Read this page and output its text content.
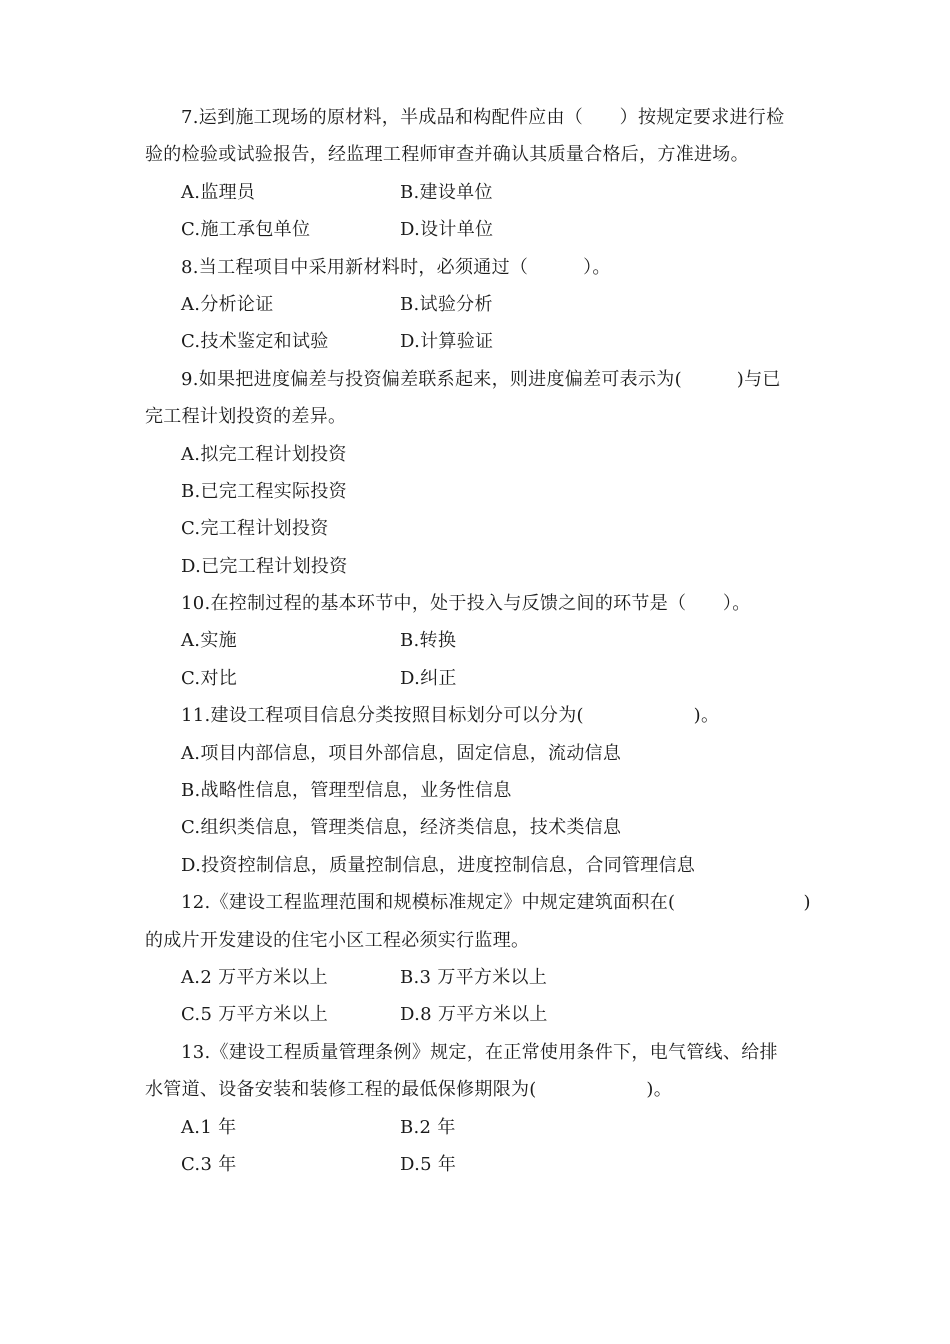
7.运到施工现场的原材料，半成品和构配件应由（　　）按规定要求进行检
验的检验或试验报告，经监理工程师审查并确认其质量合格后，方准进场。
A.监理员	B.建设单位
C.施工承包单位	D.设计单位
8.当工程项目中采用新材料时，必须通过（　　　）。
A.分析论证	B.试验分析
C.技术鉴定和试验	D.计算验证
9.如果把进度偏差与投资偏差联系起来，则进度偏差可表示为(　　　)与已
完工程计划投资的差异。
A.拟完工程计划投资
B.已完工程实际投资
C.完工程计划投资
D.已完工程计划投资
10.在控制过程的基本环节中，处于投入与反馈之间的环节是（　　）。
A.实施	B.转换
C.对比	D.纠正
11.建设工程项目信息分类按照目标划分可以分为(　　　　　　)。
A.项目内部信息，项目外部信息，固定信息，流动信息
B.战略性信息，管理型信息，业务性信息
C.组织类信息，管理类信息，经济类信息，技术类信息
D.投资控制信息，质量控制信息，进度控制信息，合同管理信息
12.《建设工程监理范围和规模标准规定》中规定建筑面积在(　　　　　　　)
的成片开发建设的住宅小区工程必须实行监理。
A.2 万平方米以上	B.3 万平方米以上
C.5 万平方米以上	D.8 万平方米以上
13.《建设工程质量管理条例》规定，在正常使用条件下，电气管线、给排
水管道、设备安装和装修工程的最低保修期限为(　　　　　　)。
A.1 年	B.2 年
C.3 年	D.5 年
